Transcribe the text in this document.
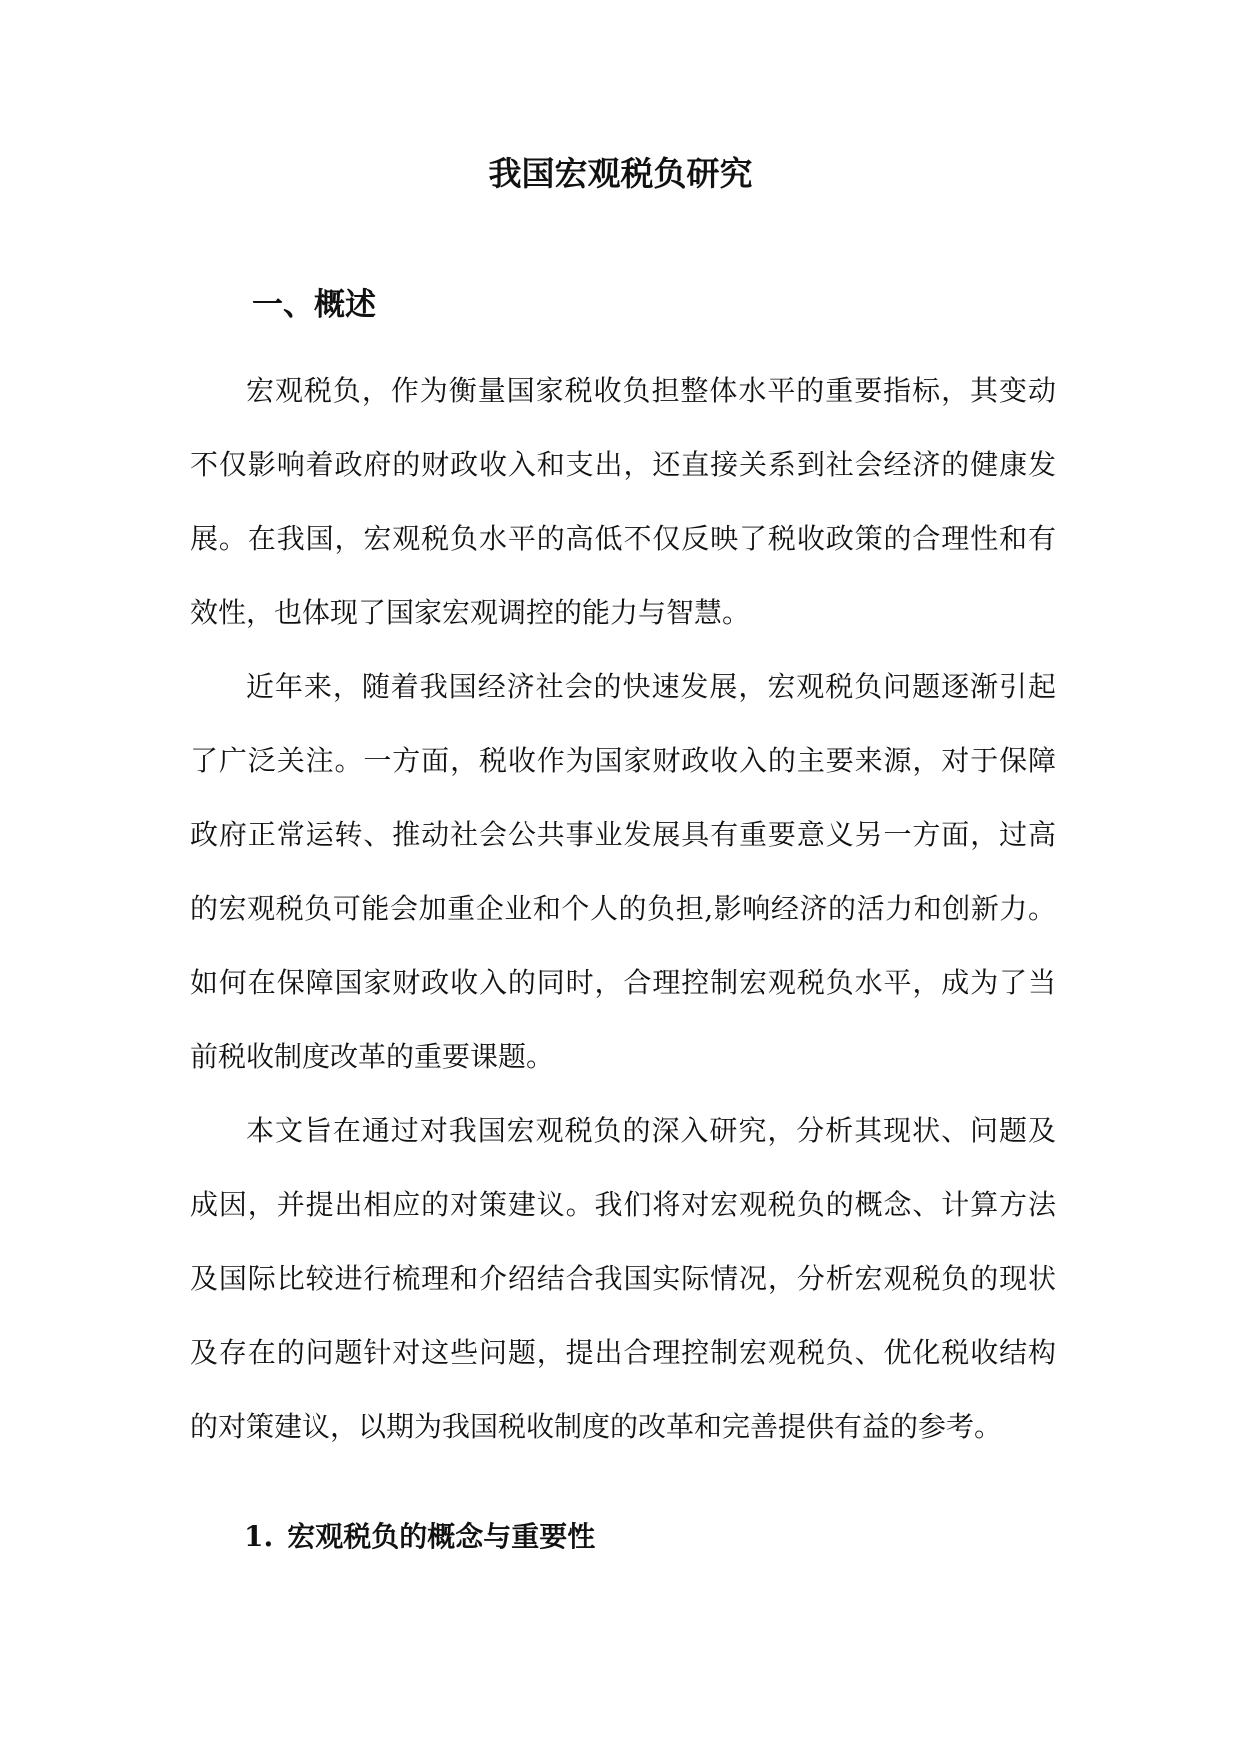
我国宏观税负研究
一、概述

宏观税负，作为衡量国家税收负担整体水平的重要指标，其变动不仅影响着政府的财政收入和支出，还直接关系到社会经济的健康发展。在我国，宏观税负水平的高低不仅反映了税收政策的合理性和有效性，也体现了国家宏观调控的能力与智慧。

近年来，随着我国经济社会的快速发展，宏观税负问题逐渐引起了广泛关注。一方面，税收作为国家财政收入的主要来源，对于保障政府正常运转、推动社会公共事业发展具有重要意义另一方面，过高的宏观税负可能会加重企业和个人的负担,影响经济的活力和创新力。如何在保障国家财政收入的同时，合理控制宏观税负水平，成为了当前税收制度改革的重要课题。

本文旨在通过对我国宏观税负的深入研究，分析其现状、问题及成因，并提出相应的对策建议。我们将对宏观税负的概念、计算方法及国际比较进行梳理和介绍结合我国实际情况，分析宏观税负的现状及存在的问题针对这些问题，提出合理控制宏观税负、优化税收结构的对策建议，以期为我国税收制度的改革和完善提供有益的参考。

1. 宏观税负的概念与重要性
